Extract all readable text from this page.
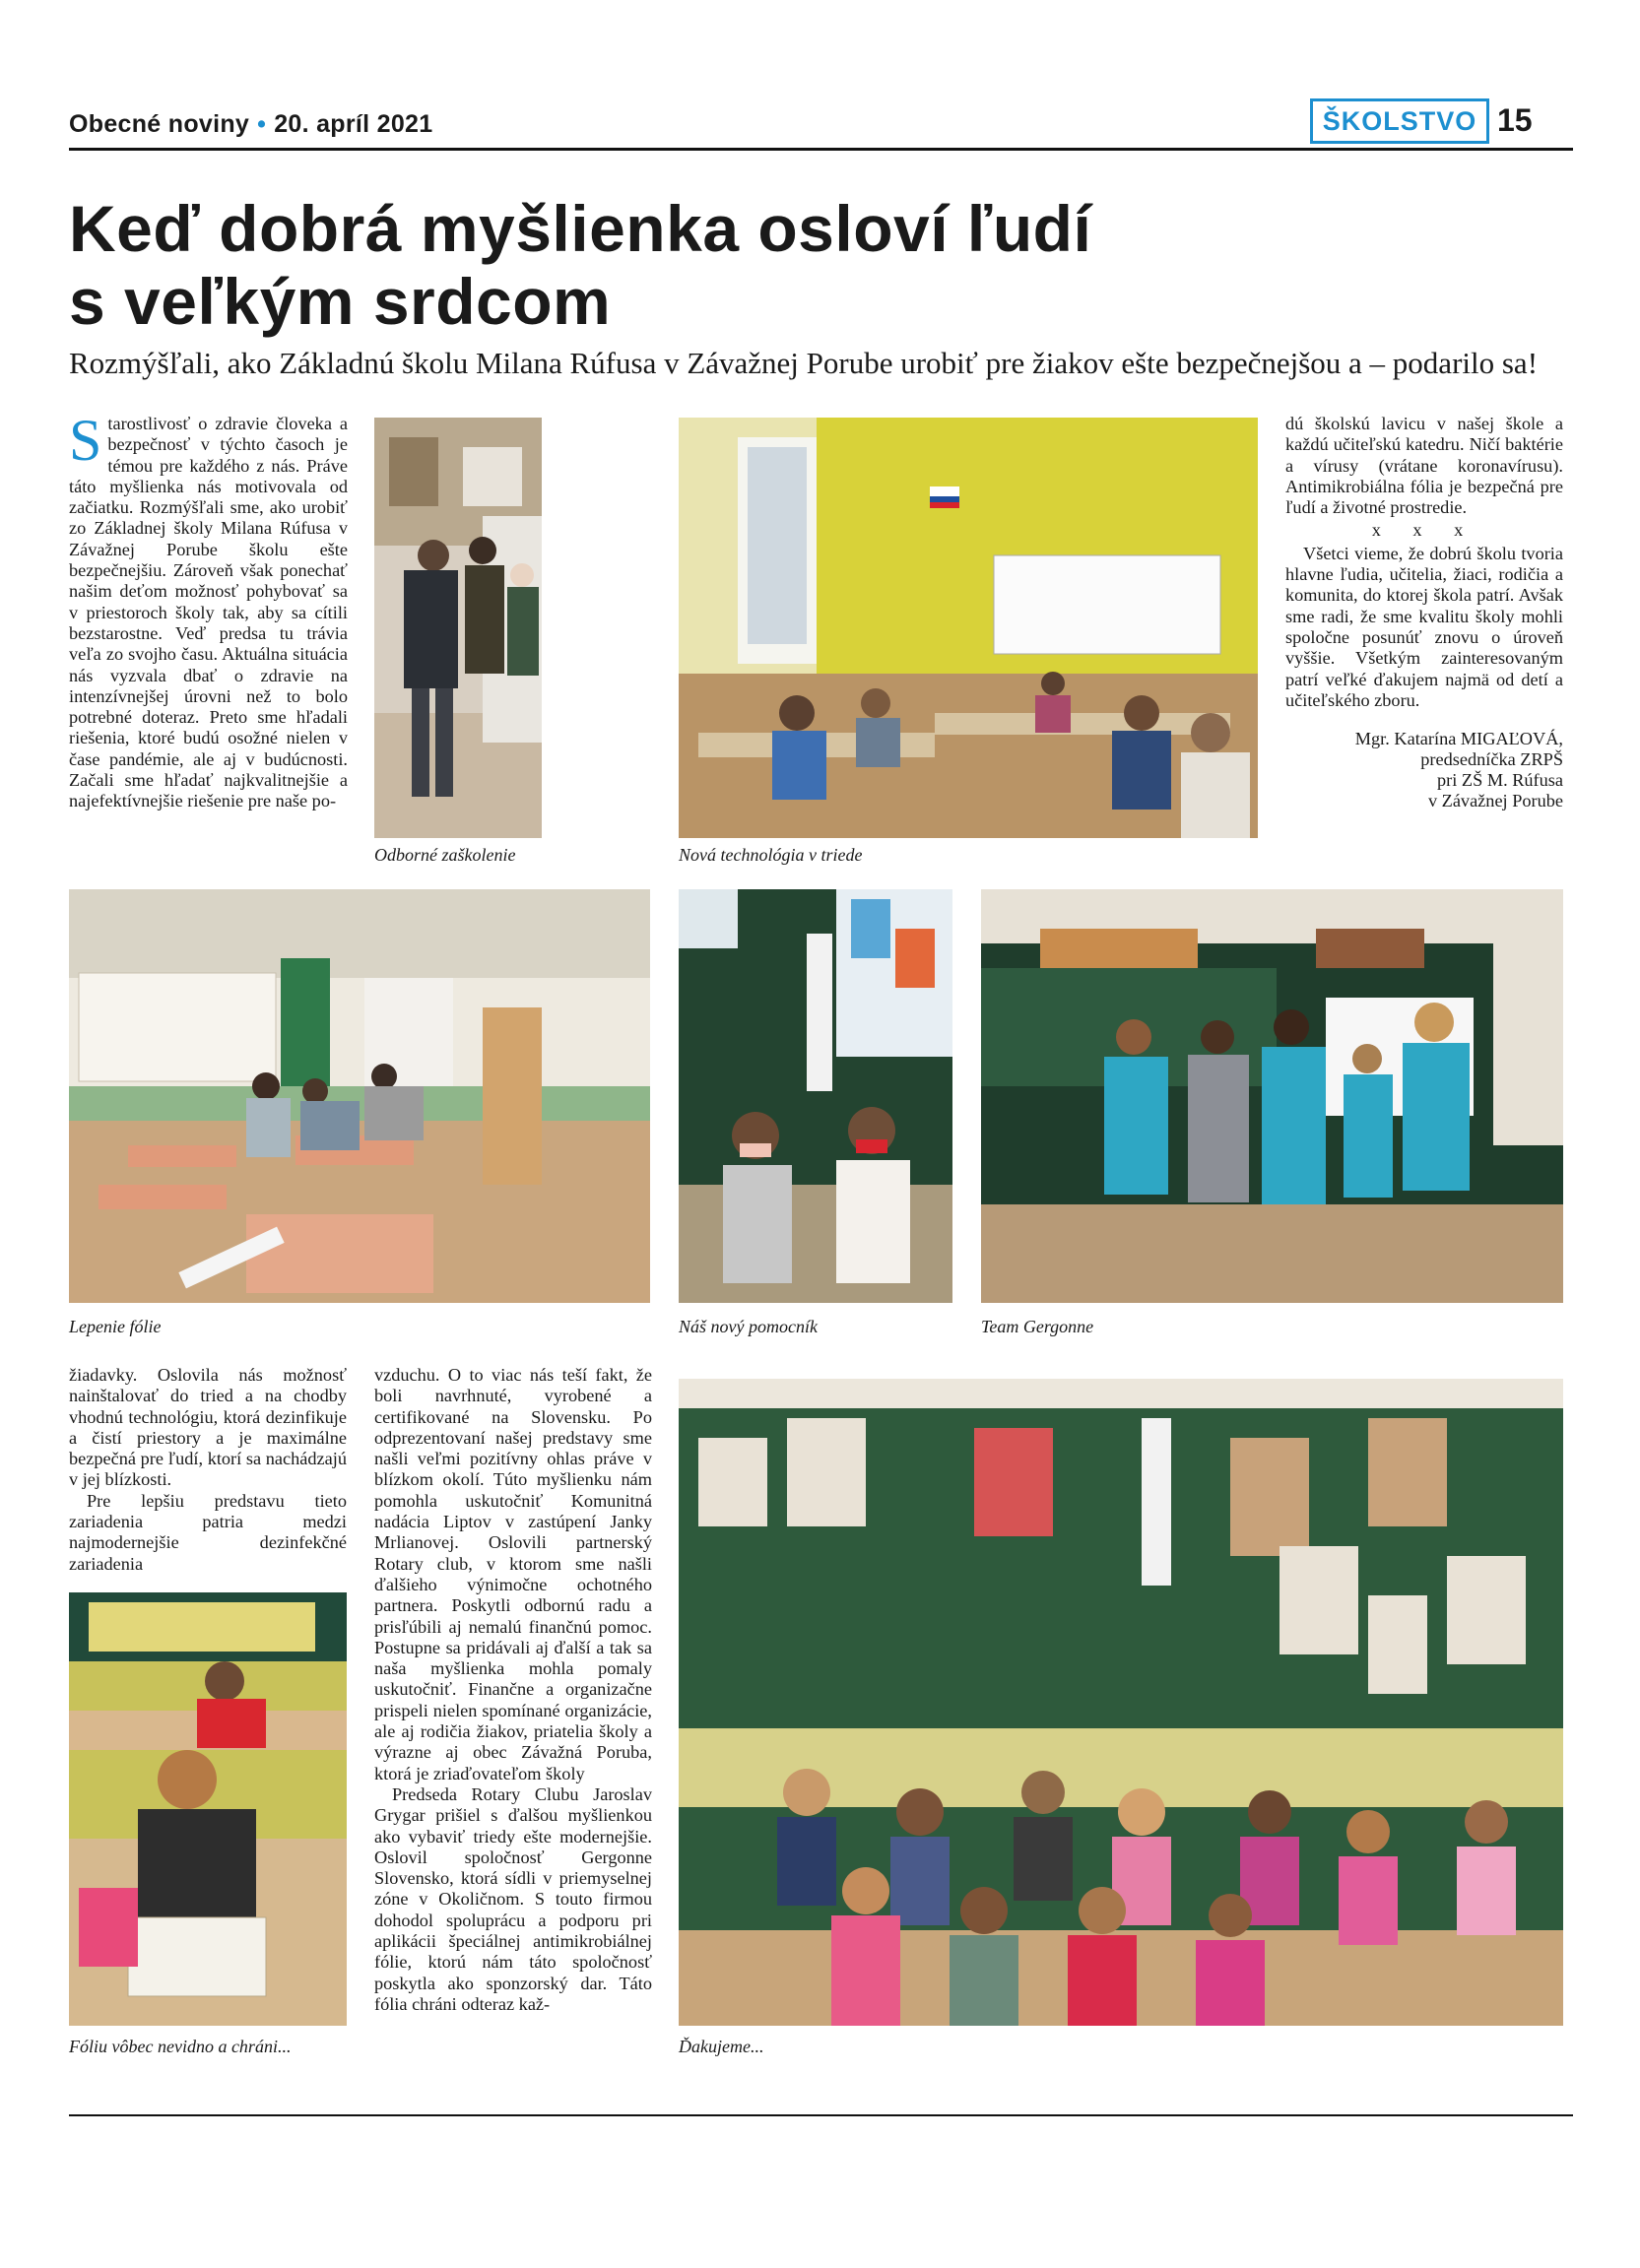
Obecné noviny • 20. apríl 2021	ŠKOLSTVO 15
Keď dobrá myšlienka osloví ľudí
s veľkým srdcom
Rozmýšľali, ako Základnú školu Milana Rúfusa v Závažnej Porube urobiť pre žiakov ešte bezpečnejšou a – podarilo sa!

Starostlivosť o zdravie človeka a bezpečnosť v týchto časoch je témou pre každého z nás. Práve táto myšlienka nás motivovala od začiatku. Rozmýšľali sme, ako urobiť zo Základnej školy Milana Rúfusa v Závažnej Porube školu ešte bezpečnejšiu. Zároveň však ponechať našim deťom možnosť pohybovať sa v priestoroch školy tak, aby sa cítili bezstarostne. Veď predsa tu trávia veľa zo svojho času. Aktuálna situácia nás vyzvala dbať o zdravie na intenzívnejšej úrovni než to bolo potrebné doteraz. Preto sme hľadali riešenia, ktoré budú osožné nielen v čase pandémie, ale aj v budúcnosti. Začali sme hľadať najkvalitnejšie a najefektívnejšie riešenie pre naše po-

dú školskú lavicu v našej škole a každú učiteľskú katedru. Ničí baktérie a vírusy (vrátane koronavírusu). Antimikrobiálna fólia je bezpečná pre ľudí a životné prostredie.

x x x

Všetci vieme, že dobrú školu tvoria hlavne ľudia, učitelia, žiaci, rodičia a komunita, do ktorej škola patrí. Avšak sme radi, že sme kvalitu školy mohli spoločne posunúť znovu o úroveň vyššie. Všetkým zainteresovaným patrí veľké ďakujem najmä od detí a učiteľského zboru.

Mgr. Katarína MIGAĽOVÁ,
predsedníčka ZRPŠ
pri ZŠ M. Rúfusa
v Závažnej Porube
Odborné zaškolenie	Nová technológia v triede
Lepenie fólie	Náš nový pomocník	Team Gergonne

žiadavky. Oslovila nás možnosť nainštalovať do tried a na chodby vhodnú technológiu, ktorá dezinfikuje a čistí priestory a je maximálne bezpečná pre ľudí, ktorí sa nachádzajú v jej blízkosti.

Pre lepšiu predstavu tieto zariadenia patria medzi najmodernejšie dezinfekčné zariadenia

Fóliu vôbec nevidno a chráni...

vzduchu. O to viac nás teší fakt, že boli navrhnuté, vyrobené a certifikované na Slovensku. Po odprezentovaní našej predstavy sme našli veľmi pozitívny ohlas práve v blízkom okolí. Túto myšlienku nám pomohla uskutočniť Komunitná nadácia Liptov v zastúpení Janky Mrlianovej. Oslovili partnerský Rotary club, v ktorom sme našli ďalšieho výnimočne ochotného partnera. Poskytli odbornú radu a prisľúbili aj nemalú finančnú pomoc. Postupne sa pridávali aj ďalší a tak sa naša myšlienka mohla pomaly uskutočniť. Finančne a organizačne prispeli nielen spomínané organizácie, ale aj rodičia žiakov, priatelia školy a výrazne aj obec Závažná Poruba, ktorá je zriaďovateľom školy

Predseda Rotary Clubu Jaroslav Grygar prišiel s ďalšou myšlienkou ako vybaviť triedy ešte modernejšie. Oslovil spoločnosť Gergonne Slovensko, ktorá sídli v priemyselnej zóne v Okoličnom. S touto firmou dohodol spoluprácu a podporu pri aplikácii špeciálnej antimikrobiálnej fólie, ktorú nám táto spoločnosť poskytla ako sponzorský dar. Táto fólia chráni odteraz kaž-

Ďakujeme...
